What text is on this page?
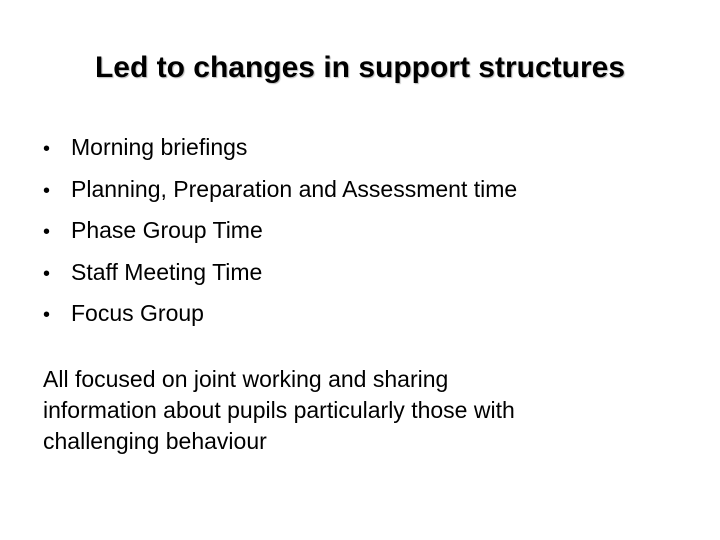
Led to changes in support structures
• Morning briefings
• Planning, Preparation and Assessment time
• Phase Group Time
• Staff Meeting Time
• Focus Group

All focused on joint working and sharing
information about pupils particularly those with
challenging behaviour
